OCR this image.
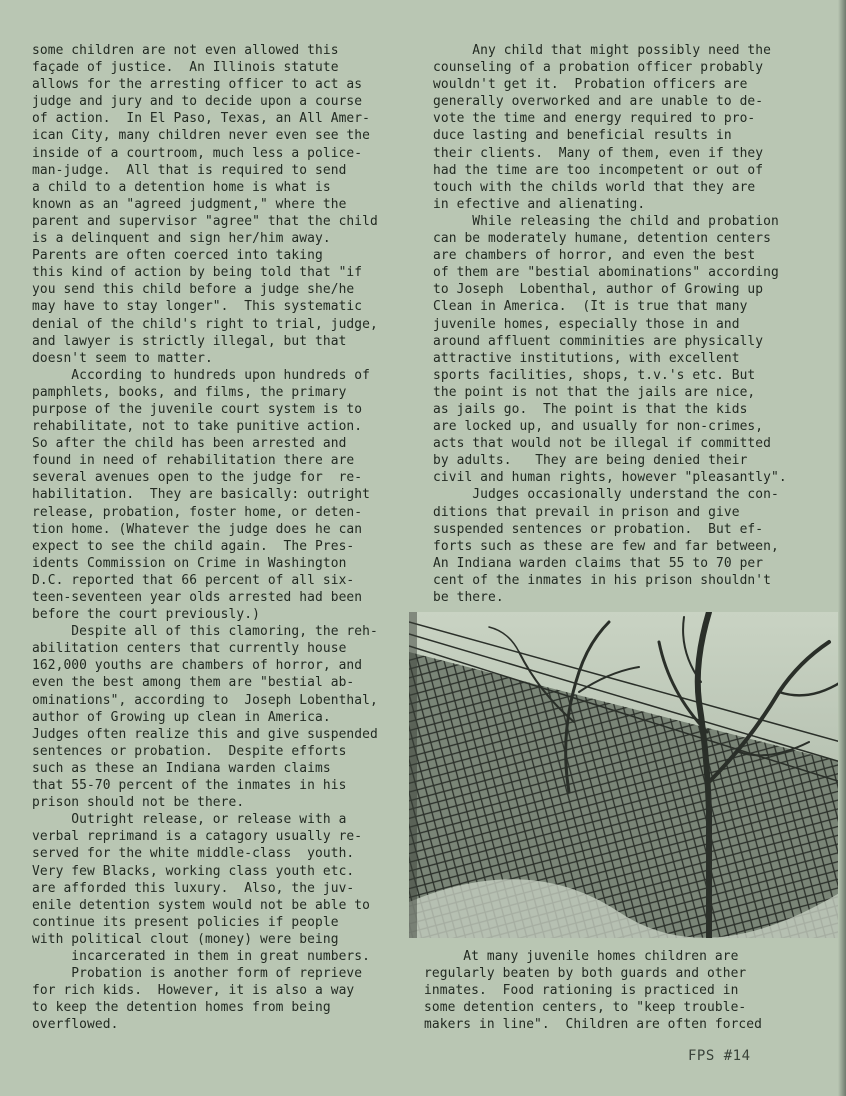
some children are not even allowed this
façade of justice.  An Illinois statute
allows for the arresting officer to act as
judge and jury and to decide upon a course
of action.  In El Paso, Texas, an All Amer-
ican City, many children never even see the
inside of a courtroom, much less a police-
man-judge.  All that is required to send
a child to a detention home is what is
known as an "agreed judgment," where the
parent and supervisor "agree" that the child
is a delinquent and sign her/him away.
Parents are often coerced into taking
this kind of action by being told that "if
you send this child before a judge she/he
may have to stay longer".  This systematic
denial of the child's right to trial, judge,
and lawyer is strictly illegal, but that
doesn't seem to matter.
According to hundreds upon hundreds of
pamphlets, books, and films, the primary
purpose of the juvenile court system is to
rehabilitate, not to take punitive action.
So after the child has been arrested and
found in need of rehabilitation there are
several avenues open to the judge for  re-
habilitation.  They are basically: outright
release, probation, foster home, or deten-
tion home. (Whatever the judge does he can
expect to see the child again.  The Pres-
idents Commission on Crime in Washington
D.C. reported that 66 percent of all six-
teen-seventeen year olds arrested had been
before the court previously.)
Despite all of this clamoring, the reh-
abilitation centers that currently house
162,000 youths are chambers of horror, and
even the best among them are "bestial ab-
ominations", according to  Joseph Lobenthal,
author of Growing up clean in America.
Judges often realize this and give suspended
sentences or probation.  Despite efforts
such as these an Indiana warden claims
that 55-70 percent of the inmates in his
prison should not be there.
Outright release, or release with a
verbal reprimand is a catagory usually re-
served for the white middle-class  youth.
Very few Blacks, working class youth etc.
are afforded this luxury.  Also, the juv-
enile detention system would not be able to
continue its present policies if people
with political clout (money) were being
incarcerated in them in great numbers.
Probation is another form of reprieve
for rich kids.  However, it is also a way
to keep the detention homes from being
overflowed.
Any child that might possibly need the
counseling of a probation officer probably
wouldn't get it.  Probation officers are
generally overworked and are unable to de-
vote the time and energy required to pro-
duce lasting and beneficial results in
their clients.  Many of them, even if they
had the time are too incompetent or out of
touch with the childs world that they are
in efective and alienating.
While releasing the child and probation
can be moderately humane, detention centers
are chambers of horror, and even the best
of them are "bestial abominations" according
to Joseph  Lobenthal, author of Growing up
Clean in America.  (It is true that many
juvenile homes, especially those in and
around affluent comminities are physically
attractive institutions, with excellent
sports facilities, shops, t.v.'s etc. But
the point is not that the jails are nice,
as jails go.  The point is that the kids
are locked up, and usually for non-crimes,
acts that would not be illegal if committed
by adults.   They are being denied their
civil and human rights, however "pleasantly".
Judges occasionally understand the con-
ditions that prevail in prison and give
suspended sentences or probation.  But ef-
forts such as these are few and far between,
An Indiana warden claims that 55 to 70 per
cent of the inmates in his prison shouldn't
be there.
At many juvenile homes children are
regularly beaten by both guards and other
inmates.  Food rationing is practiced in
some detention centers, to "keep trouble-
makers in line".  Children are often forced
FPS #14
